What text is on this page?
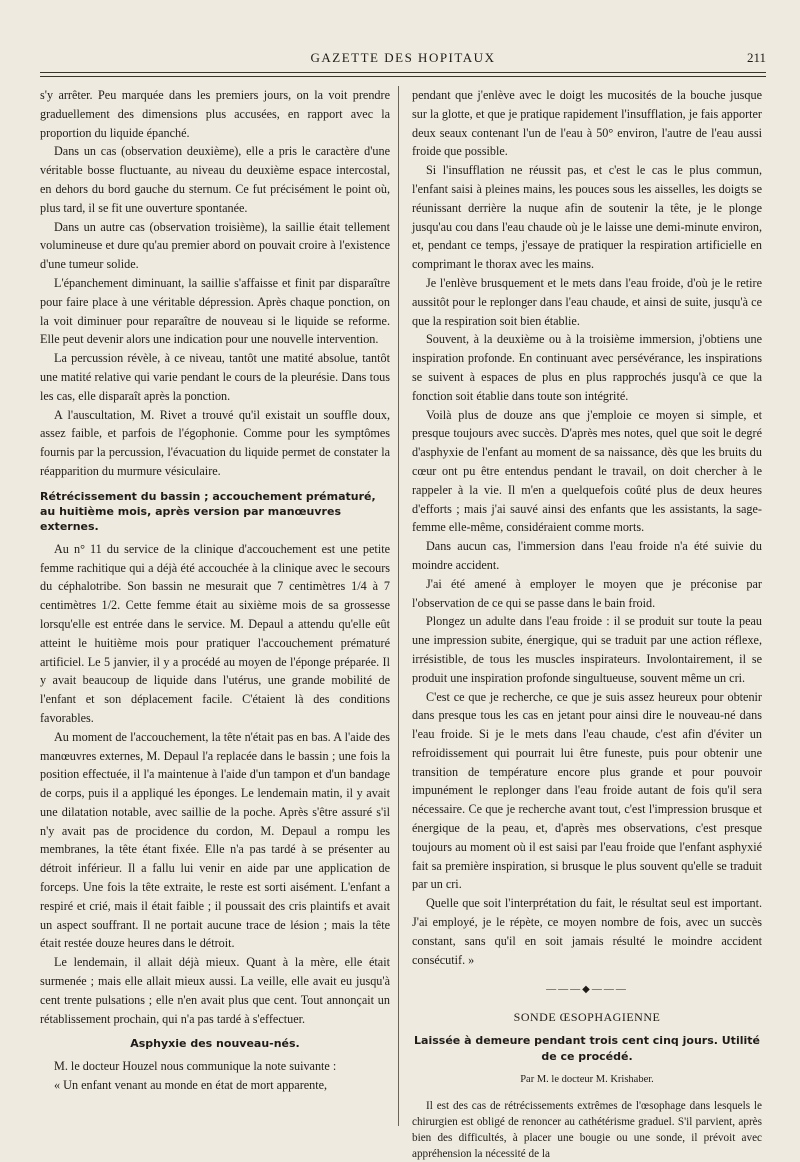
GAZETTE DES HOPITAUX	211

s'y arrêter. Peu marquée dans les premiers jours, on la voit prendre graduellement des dimensions plus accusées, en rapport avec la proportion du liquide épanché.

Dans un cas (observation deuxième), elle a pris le caractère d'une véritable bosse fluctuante, au niveau du deuxième espace intercostal, en dehors du bord gauche du sternum. Ce fut précisément le point où, plus tard, il se fit une ouverture spontanée.

Dans un autre cas (observation troisième), la saillie était tellement volumineuse et dure qu'au premier abord on pouvait croire à l'existence d'une tumeur solide.

L'épanchement diminuant, la saillie s'affaisse et finit par disparaître pour faire place à une véritable dépression. Après chaque ponction, on la voit diminuer pour reparaître de nouveau si le liquide se reforme. Elle peut devenir alors une indication pour une nouvelle intervention.

La percussion révèle, à ce niveau, tantôt une matité absolue, tantôt une matité relative qui varie pendant le cours de la pleurésie. Dans tous les cas, elle disparaît après la ponction.

A l'auscultation, M. Rivet a trouvé qu'il existait un souffle doux, assez faible, et parfois de l'égophonie. Comme pour les symptômes fournis par la percussion, l'évacuation du liquide permet de constater la réapparition du murmure vésiculaire.

Rétrécissement du bassin ; accouchement prématuré, au huitième mois, après version par manœuvres externes.

Au n° 11 du service de la clinique d'accouchement est une petite femme rachitique qui a déjà été accouchée à la clinique avec le secours du céphalotribe. Son bassin ne mesurait que 7 centimètres 1/4 à 7 centimètres 1/2. Cette femme était au sixième mois de sa grossesse lorsqu'elle est entrée dans le service. M. Depaul a attendu qu'elle eût atteint le huitième mois pour pratiquer l'accouchement prématuré artificiel. Le 5 janvier, il y a procédé au moyen de l'éponge préparée. Il y avait beaucoup de liquide dans l'utérus, une grande mobilité de l'enfant et son déplacement facile. C'étaient là des conditions favorables.

Au moment de l'accouchement, la tête n'était pas en bas. A l'aide des manœuvres externes, M. Depaul l'a replacée dans le bassin ; une fois la position effectuée, il l'a maintenue à l'aide d'un tampon et d'un bandage de corps, puis il a appliqué les éponges. Le lendemain matin, il y avait une dilatation notable, avec saillie de la poche. Après s'être assuré s'il n'y avait pas de procidence du cordon, M. Depaul a rompu les membranes, la tête étant fixée. Elle n'a pas tardé à se présenter au détroit inférieur. Il a fallu lui venir en aide par une application de forceps. Une fois la tête extraite, le reste est sorti aisément. L'enfant a respiré et crié, mais il était faible ; il poussait des cris plaintifs et avait un aspect souffrant. Il ne portait aucune trace de lésion ; mais la tête était restée douze heures dans le détroit.

Le lendemain, il allait déjà mieux. Quant à la mère, elle était surmenée ; mais elle allait mieux aussi. La veille, elle avait eu jusqu'à cent trente pulsations ; elle n'en avait plus que cent. Tout annonçait un rétablissement prochain, qui n'a pas tardé à s'effectuer.

Asphyxie des nouveau-nés.

M. le docteur Houzel nous communique la note suivante :

« Un enfant venant au monde en état de mort apparente,

pendant que j'enlève avec le doigt les mucosités de la bouche jusque sur la glotte, et que je pratique rapidement l'insufflation, je fais apporter deux seaux contenant l'un de l'eau à 50° environ, l'autre de l'eau aussi froide que possible.

Si l'insufflation ne réussit pas, et c'est le cas le plus commun, l'enfant saisi à pleines mains, les pouces sous les aisselles, les doigts se réunissant derrière la nuque afin de soutenir la tête, je le plonge jusqu'au cou dans l'eau chaude où je le laisse une demi-minute environ, et, pendant ce temps, j'essaye de pratiquer la respiration artificielle en comprimant le thorax avec les mains.

Je l'enlève brusquement et le mets dans l'eau froide, d'où je le retire aussitôt pour le replonger dans l'eau chaude, et ainsi de suite, jusqu'à ce que la respiration soit bien établie.

Souvent, à la deuxième ou à la troisième immersion, j'obtiens une inspiration profonde. En continuant avec persévérance, les inspirations se suivent à espaces de plus en plus rapprochés jusqu'à ce que la fonction soit établie dans toute son intégrité.

Voilà plus de douze ans que j'emploie ce moyen si simple, et presque toujours avec succès. D'après mes notes, quel que soit le degré d'asphyxie de l'enfant au moment de sa naissance, dès que les bruits du cœur ont pu être entendus pendant le travail, on doit chercher à le rappeler à la vie. Il m'en a quelquefois coûté plus de deux heures d'efforts ; mais j'ai sauvé ainsi des enfants que les assistants, la sage-femme elle-même, considéraient comme morts.

Dans aucun cas, l'immersion dans l'eau froide n'a été suivie du moindre accident.

J'ai été amené à employer le moyen que je préconise par l'observation de ce qui se passe dans le bain froid.

Plongez un adulte dans l'eau froide : il se produit sur toute la peau une impression subite, énergique, qui se traduit par une action réflexe, irrésistible, de tous les muscles inspirateurs. Involontairement, il se produit une inspiration profonde singultueuse, souvent même un cri.

C'est ce que je recherche, ce que je suis assez heureux pour obtenir dans presque tous les cas en jetant pour ainsi dire le nouveau-né dans l'eau froide. Si je le mets dans l'eau chaude, c'est afin d'éviter un refroidissement qui pourrait lui être funeste, puis pour obtenir une transition de température encore plus grande et pour pouvoir impunément le replonger dans l'eau froide autant de fois qu'il sera nécessaire. Ce que je recherche avant tout, c'est l'impression brusque et énergique de la peau, et, d'après mes observations, c'est presque toujours au moment où il est saisi par l'eau froide que l'enfant asphyxié fait sa première inspiration, si brusque le plus souvent qu'elle se traduit par un cri.

Quelle que soit l'interprétation du fait, le résultat seul est important. J'ai employé, je le répète, ce moyen nombre de fois, avec un succès constant, sans qu'il en soit jamais résulté le moindre accident consécutif. »

———◆———
SONDE ŒSOPHAGIENNE
Laissée à demeure pendant trois cent cinq jours. Utilité de ce procédé.
Par M. le docteur M. Krishaber.

Il est des cas de rétrécissements extrêmes de l'œsophage dans lesquels le chirurgien est obligé de renoncer au cathétérisme graduel. S'il parvient, après bien des difficultés, à placer une bougie ou une sonde, il prévoit avec appréhension la nécessité de la
